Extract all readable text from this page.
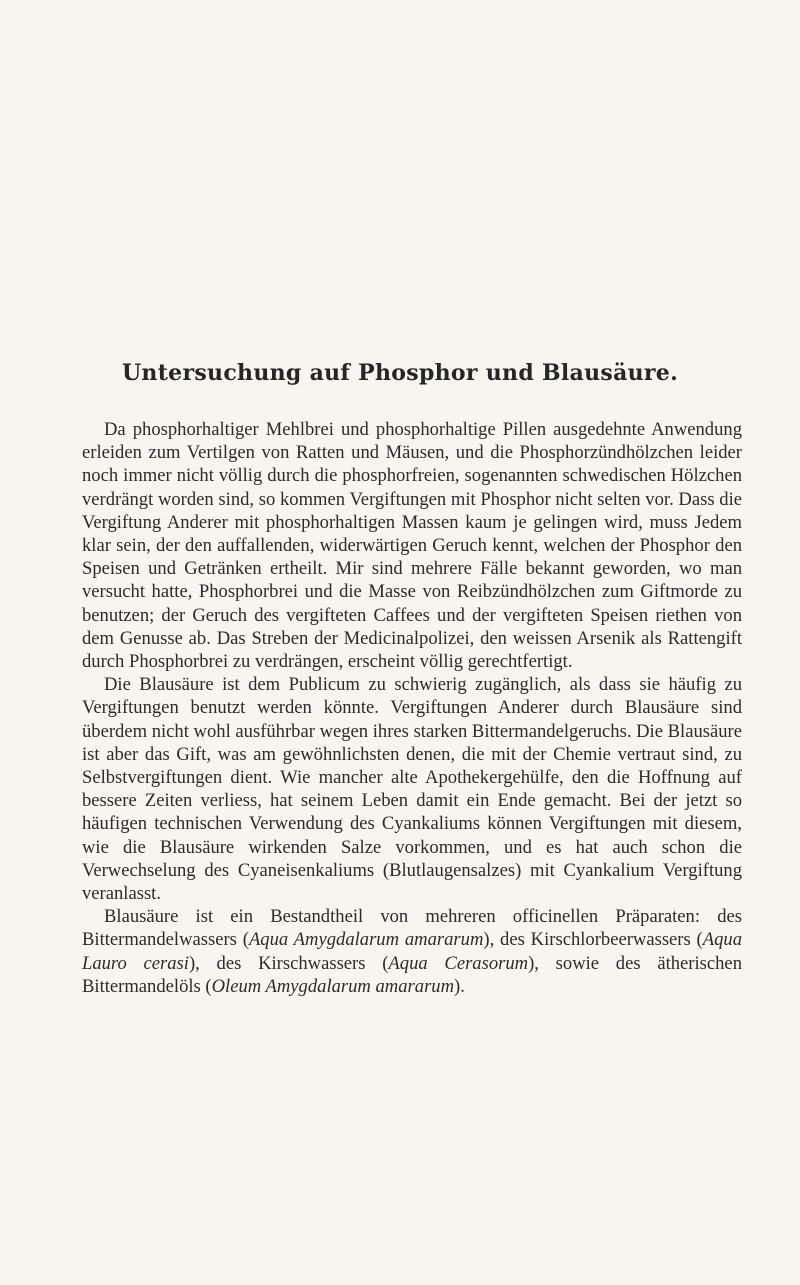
Untersuchung auf Phosphor und Blausäure.

Da phosphorhaltiger Mehlbrei und phosphorhaltige Pillen ausgedehnte Anwendung erleiden zum Vertilgen von Ratten und Mäusen, und die Phosphorzündhölzchen leider noch immer nicht völlig durch die phosphorfreien, sogenannten schwedischen Hölzchen verdrängt worden sind, so kommen Vergiftungen mit Phosphor nicht selten vor. Dass die Vergiftung Anderer mit phosphorhaltigen Massen kaum je gelingen wird, muss Jedem klar sein, der den auffallenden, widerwärtigen Geruch kennt, welchen der Phosphor den Speisen und Getränken ertheilt. Mir sind mehrere Fälle bekannt geworden, wo man versucht hatte, Phosphorbrei und die Masse von Reibzündhölzchen zum Giftmorde zu benutzen; der Geruch des vergifteten Caffees und der vergifteten Speisen riethen von dem Genusse ab. Das Streben der Medicinalpolizei, den weissen Arsenik als Rattengift durch Phosphorbrei zu verdrängen, erscheint völlig gerechtfertigt.

Die Blausäure ist dem Publicum zu schwierig zugänglich, als dass sie häufig zu Vergiftungen benutzt werden könnte. Vergiftungen Anderer durch Blausäure sind überdem nicht wohl ausführbar wegen ihres starken Bittermandelgeruchs. Die Blausäure ist aber das Gift, was am gewöhnlichsten denen, die mit der Chemie vertraut sind, zu Selbstvergiftungen dient. Wie mancher alte Apothekergehülfe, den die Hoffnung auf bessere Zeiten verliess, hat seinem Leben damit ein Ende gemacht. Bei der jetzt so häufigen technischen Verwendung des Cyankaliums können Vergiftungen mit diesem, wie die Blausäure wirkenden Salze vorkommen, und es hat auch schon die Verwechselung des Cyaneisenkaliums (Blutlaugensalzes) mit Cyankalium Vergiftung veranlasst.

Blausäure ist ein Bestandtheil von mehreren officinellen Präparaten: des Bittermandelwassers (Aqua Amygdalarum amararum), des Kirschlorbeerwassers (Aqua Lauro cerasi), des Kirschwassers (Aqua Cerasorum), sowie des ätherischen Bittermandelöls (Oleum Amygdalarum amararum).
